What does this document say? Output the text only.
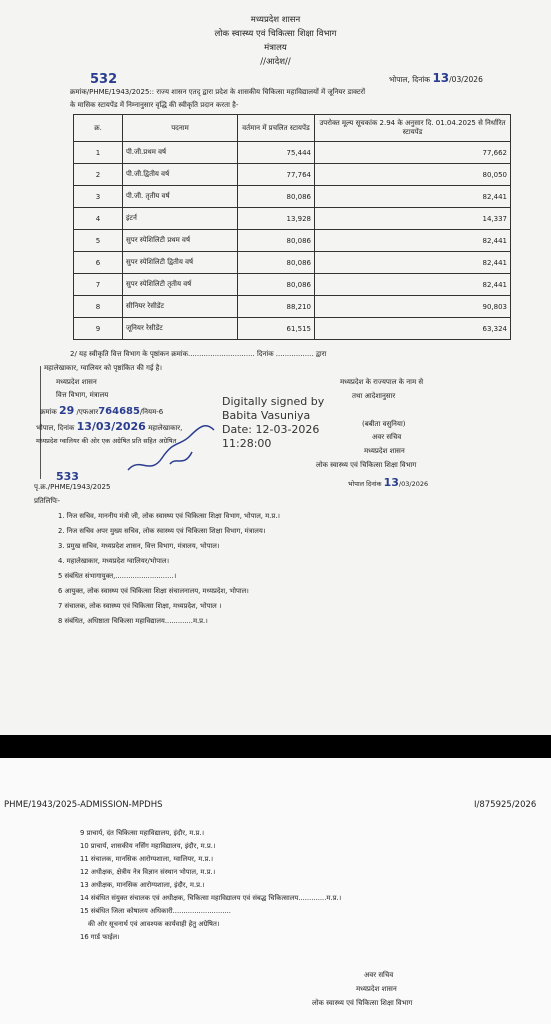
मध्यप्रदेश शासन
लोक स्वास्थ्य एवं चिकित्सा शिक्षा विभाग
मंत्रालय
//आदेश//
भोपाल, दिनांक 13/03/2026
532
क्रमांक/PHME/1943/2025:: राज्य शासन एतद् द्वारा प्रदेश के शासकीय चिकित्सा महाविद्यालयों में जूनियर डाक्टरों
के मासिक स्टायपेंड में निम्नानुसार वृद्धि की स्वीकृति प्रदान करता है-
क्र.	पदनाम	वर्तमान में प्रचलित स्टायपेंड	उपरोक्त मूल्य सूचकांक 2.94 के अनुसार दि. 01.04.2025 से निर्धारित स्टायपेंड
1	पी.जी.प्रथम वर्ष	75,444	77,662
2	पी.जी.द्वितीय वर्ष	77,764	80,050
3	पी.जी. तृतीय वर्ष	80,086	82,441
4	इंटर्न	13,928	14,337
5	सुपर स्पेशिलिटी प्रथम वर्ष	80,086	82,441
6	सुपर स्पेशिलिटी द्वितीय वर्ष	80,086	82,441
7	सुपर स्पेशिलिटी तृतीय वर्ष	80,086	82,441
8	सीनियर रेसीडेंट	88,210	90,803
9	जूनियर रेसीडेंट	61,515	63,324
2/ यह स्वीकृति वित्त विभाग के पृष्ठांकन क्रमांक.............................. दिनांक ................. द्वारा
महालेखाकार, ग्वालियर को पृष्ठांकित की गई है।
मध्यप्रदेश शासन
वित्त विभाग, मंत्रालय
क्रमांक 29 /एफआर764685/नियम-6
भोपाल, दिनांक 13/03/2026 महालेखाकार,
मध्यप्रदेश ग्वालियर की ओर एक अग्रेषित प्रति सहित अग्रेषित
Digitally signed by
Babita Vasuniya
Date: 12-03-2026
11:28:00
मध्यप्रदेश के राज्यपाल के नाम से
तथा आदेशानुसार
(बबीता वसुनिया)
अवर सचिव
मध्यप्रदेश शासन
लोक स्वास्थ्य एवं चिकित्सा शिक्षा विभाग
भोपाल दिनांक 13/03/2026
533
पृ.क्र./PHME/1943/2025
प्रतिलिपिः-
1. निज सचिव, माननीय मंत्री जी, लोक स्वास्थ्य एवं चिकित्सा शिक्षा विभाग, भोपाल, म.प्र.।
2. निज सचिव अपर मुख्य सचिव, लोक स्वास्थ्य एवं चिकित्सा शिक्षा विभाग, मंत्रालय।
3. प्रमुख सचिव, मध्यप्रदेश शासन, वित्त विभाग, मंत्रालय, भोपाल।
4. महालेखाकार, मध्यप्रदेश ग्वालियर/भोपाल।
5 संबंधित संभागायुक्त,...........................।
6 आयुक्त, लोक स्वास्थ्य एवं चिकित्सा शिक्षा संचालनालय, मध्यप्रदेश, भोपाल।
7 संचालक, लोक स्वास्थ्य एवं चिकित्सा शिक्षा, मध्यप्रदेश, भोपाल ।
8 संबंधित, अधिष्ठाता चिकित्सा महाविद्यालय.............म.प्र.।
PHME/1943/2025-ADMISSION-MPDHS	I/875925/2026
9 प्राचार्य, दंत चिकित्सा महाविद्यालय, इंदौर, म.प्र.।
10 प्राचार्य, शासकीय नर्सिंग महाविद्यालय, इंदौर, म.प्र.।
11 संचालक, मानसिक आरोग्यशाला, ग्वालियर, म.प्र.।
12 अधीक्षक, क्षेत्रीय नेत्र विज्ञान संस्थान भोपाल, म.प्र.।
13 अधीक्षक, मानसिक आरोग्यशाला, इंदौर, म.प्र.।
14 संबंधित संयुक्त संचालक एवं अधीक्षक, चिकित्सा महाविद्यालय एवं संबद्ध चिकित्सालय.............म.प्र.।
15 संबंधित जिला कोषालय अधिकारी...........................
की ओर सूचनार्थ एवं आवश्यक कार्यवाही हेतु अग्रेषित।
16 गार्ड फाईल।
अवर सचिव
मध्यप्रदेश शासन
लोक स्वास्थ्य एवं चिकित्सा शिक्षा विभाग
